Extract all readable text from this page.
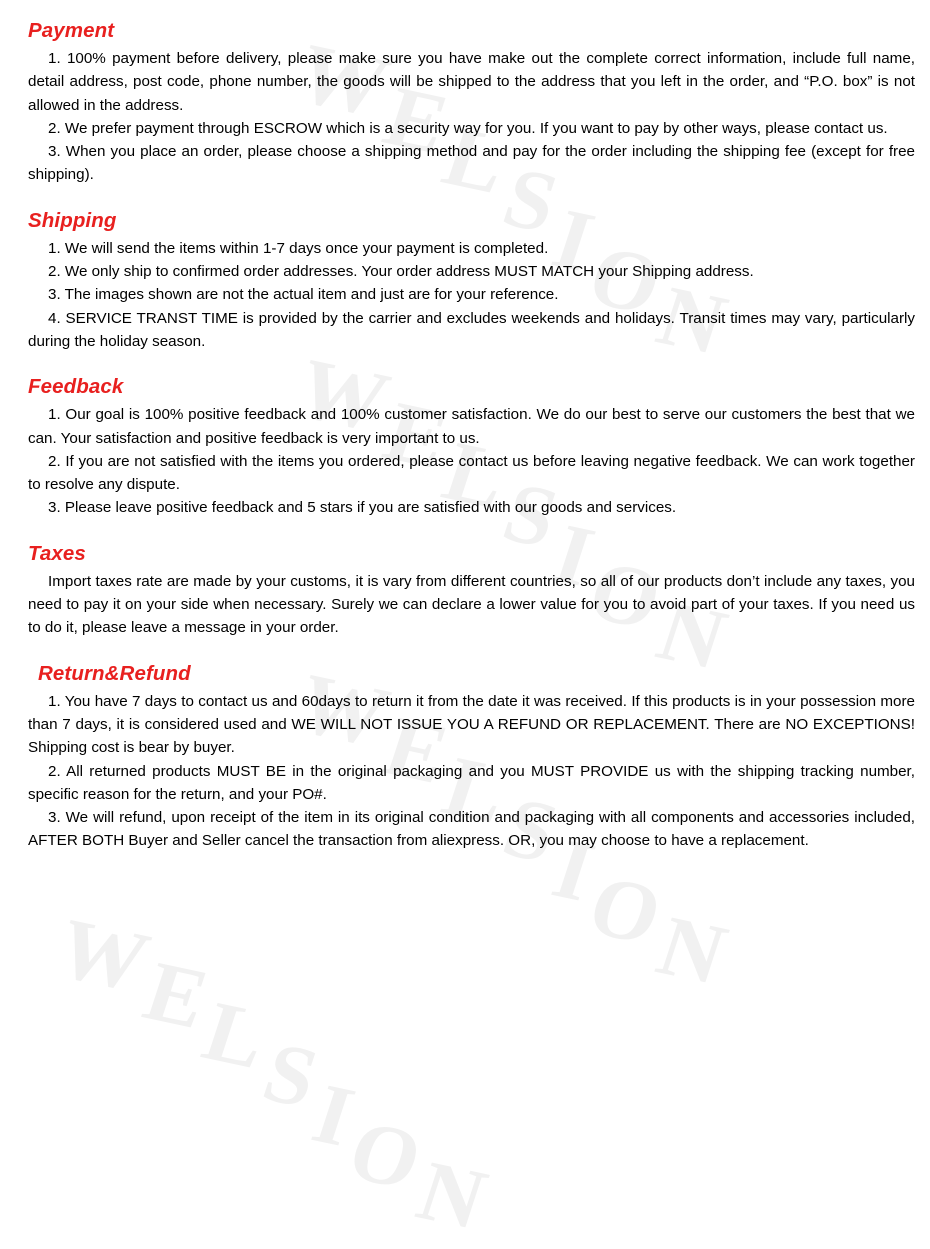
WELSION
WELSION
WELSION
WELSION
Payment

1. 100% payment before delivery, please make sure you have make out the complete correct information, include full name, detail address, post code, phone number, the goods will be shipped to the address that you left in the order, and “P.O. box” is not allowed in the address.

2. We prefer payment through ESCROW which is a security way for you. If you want to pay by other ways, please contact us.

3. When you place an order, please choose a shipping method and pay for the order including the shipping fee (except for free shipping).

Shipping

1. We will send the items within 1-7 days once your payment is completed.

2. We only ship to confirmed order addresses. Your order address MUST MATCH your Shipping address.

3. The images shown are not the actual item and just are for your reference.

4. SERVICE TRANST TIME is provided by the carrier and excludes weekends and holidays. Transit times may vary, particularly during the holiday season.

Feedback

1. Our goal is 100% positive feedback and 100% customer satisfaction. We do our best to serve our customers the best that we can. Your satisfaction and positive feedback is very important to us.

2. If you are not satisfied with the items you ordered, please contact us before leaving negative feedback. We can work together to resolve any dispute.

3. Please leave positive feedback and 5 stars if you are satisfied with our goods and services.

Taxes

Import taxes rate are made by your customs, it is vary from different countries, so all of our products don’t include any taxes, you need to pay it on your side when necessary. Surely we can declare a lower value for you to avoid part of your taxes. If you need us to do it, please leave a message in your order.

Return&Refund

1. You have 7 days to contact us and 60days to return it from the date it was received. If this products is in your possession more than 7 days, it is considered used and WE WILL NOT ISSUE YOU A REFUND OR REPLACEMENT. There are NO EXCEPTIONS! Shipping cost is bear by buyer.

2. All returned products MUST BE in the original packaging and you MUST PROVIDE us with the shipping tracking number, specific reason for the return, and your PO#.

3. We will refund, upon receipt of the item in its original condition and packaging with all components and accessories included, AFTER BOTH Buyer and Seller cancel the transaction from aliexpress. OR, you may choose to have a replacement.
